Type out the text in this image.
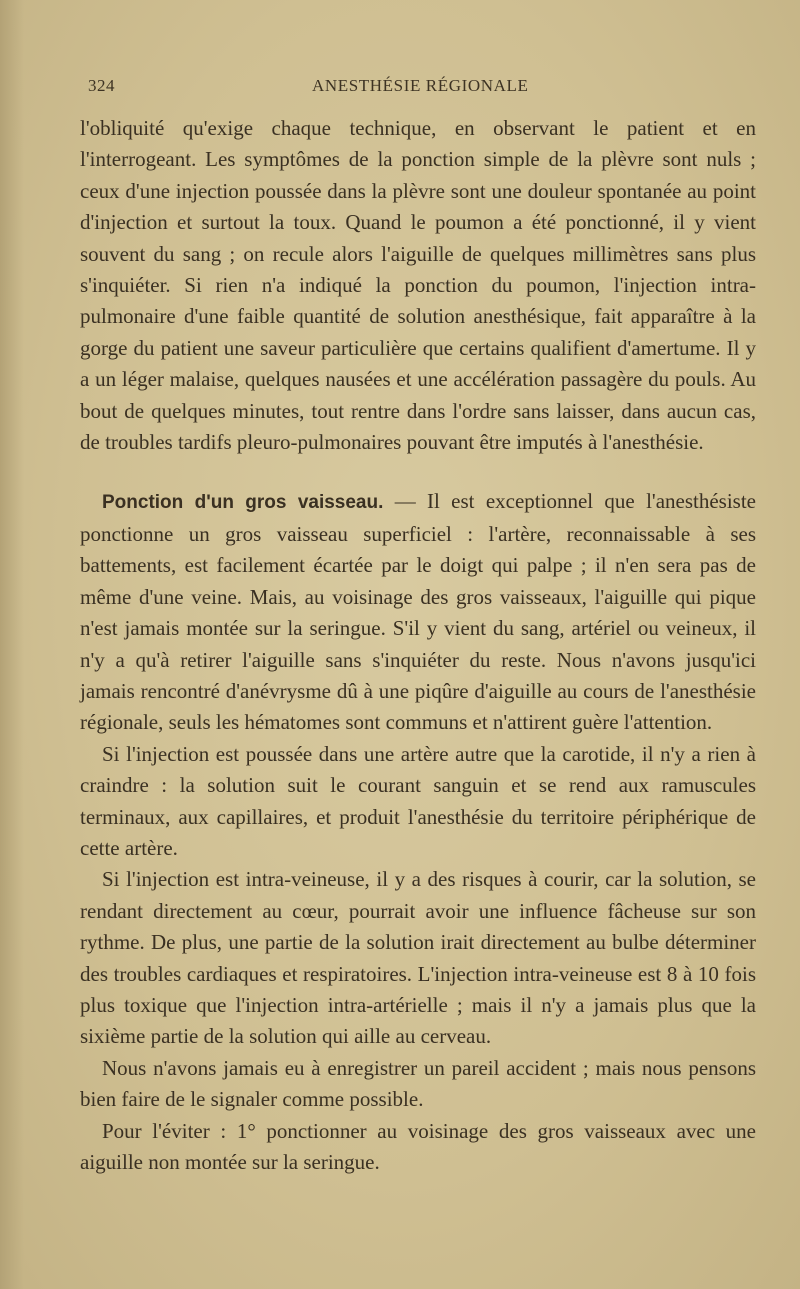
324	ANESTHÉSIE RÉGIONALE

l'obliquité qu'exige chaque technique, en observant le patient et en l'interrogeant. Les symptômes de la ponction simple de la plèvre sont nuls ; ceux d'une injection poussée dans la plèvre sont une douleur spontanée au point d'injection et surtout la toux. Quand le poumon a été ponctionné, il y vient souvent du sang ; on recule alors l'aiguille de quelques millimètres sans plus s'inquiéter. Si rien n'a indiqué la ponction du poumon, l'injection intra-pulmonaire d'une faible quantité de solution anesthésique, fait apparaître à la gorge du patient une saveur particulière que certains qualifient d'amertume. Il y a un léger malaise, quelques nausées et une accélération passagère du pouls. Au bout de quelques minutes, tout rentre dans l'ordre sans laisser, dans aucun cas, de troubles tardifs pleuro-pulmonaires pouvant être imputés à l'anesthésie.

Ponction d'un gros vaisseau. — Il est exceptionnel que l'anesthésiste ponctionne un gros vaisseau superficiel : l'artère, reconnaissable à ses battements, est facilement écartée par le doigt qui palpe ; il n'en sera pas de même d'une veine. Mais, au voisinage des gros vaisseaux, l'aiguille qui pique n'est jamais montée sur la seringue. S'il y vient du sang, artériel ou veineux, il n'y a qu'à retirer l'aiguille sans s'inquiéter du reste. Nous n'avons jusqu'ici jamais rencontré d'anévrysme dû à une piqûre d'aiguille au cours de l'anesthésie régionale, seuls les hématomes sont communs et n'attirent guère l'attention.

Si l'injection est poussée dans une artère autre que la carotide, il n'y a rien à craindre : la solution suit le courant sanguin et se rend aux ramuscules terminaux, aux capillaires, et produit l'anesthésie du territoire périphérique de cette artère.

Si l'injection est intra-veineuse, il y a des risques à courir, car la solution, se rendant directement au cœur, pourrait avoir une influence fâcheuse sur son rythme. De plus, une partie de la solution irait directement au bulbe déterminer des troubles cardiaques et respiratoires. L'injection intra-veineuse est 8 à 10 fois plus toxique que l'injection intra-artérielle ; mais il n'y a jamais plus que la sixième partie de la solution qui aille au cerveau.

Nous n'avons jamais eu à enregistrer un pareil accident ; mais nous pensons bien faire de le signaler comme possible.

Pour l'éviter : 1° ponctionner au voisinage des gros vaisseaux avec une aiguille non montée sur la seringue.
